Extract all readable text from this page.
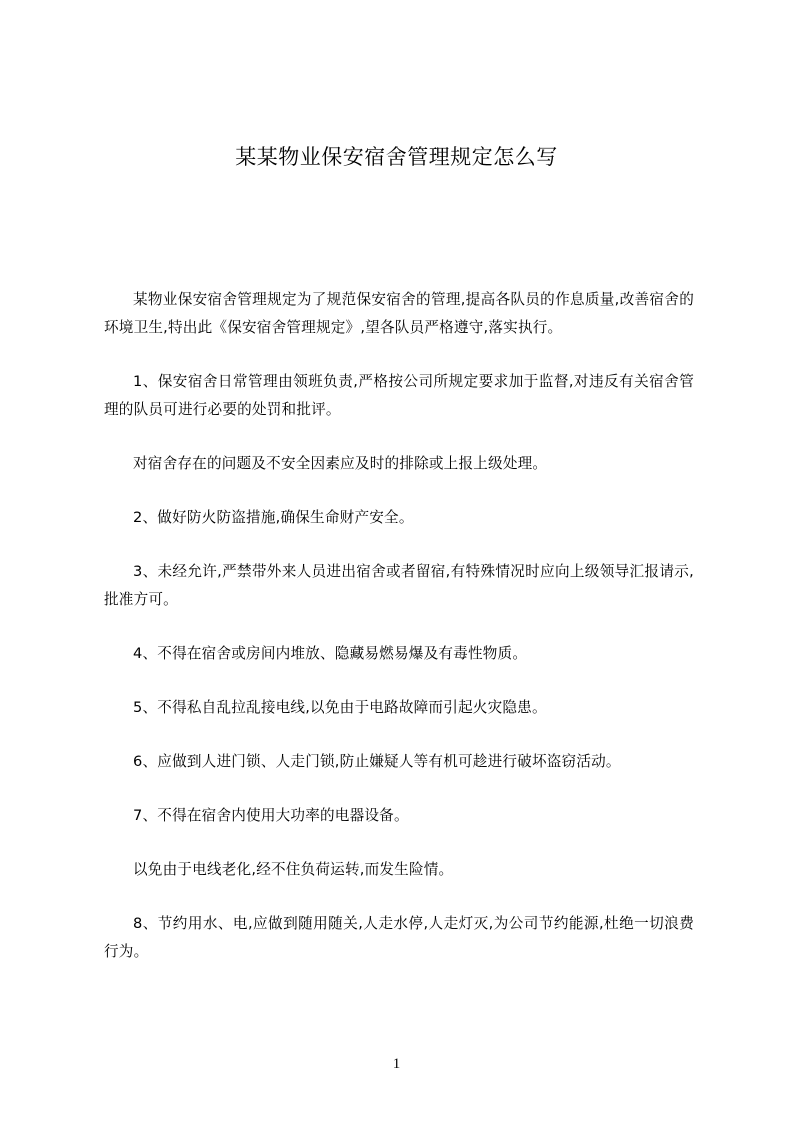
某某物业保安宿舍管理规定怎么写

某物业保安宿舍管理规定为了规范保安宿舍的管理,提高各队员的作息质量,改善宿舍的环境卫生,特出此《保安宿舍管理规定》,望各队员严格遵守,落实执行。

1、保安宿舍日常管理由领班负责,严格按公司所规定要求加于监督,对违反有关宿舍管理的队员可进行必要的处罚和批评。

对宿舍存在的问题及不安全因素应及时的排除或上报上级处理。

2、做好防火防盗措施,确保生命财产安全。

3、未经允许,严禁带外来人员进出宿舍或者留宿,有特殊情况时应向上级领导汇报请示,批准方可。

4、不得在宿舍或房间内堆放、隐藏易燃易爆及有毒性物质。

5、不得私自乱拉乱接电线,以免由于电路故障而引起火灾隐患。

6、应做到人进门锁、人走门锁,防止嫌疑人等有机可趁进行破坏盗窃活动。

7、不得在宿舍内使用大功率的电器设备。

以免由于电线老化,经不住负荷运转,而发生险情。

8、节约用水、电,应做到随用随关,人走水停,人走灯灭,为公司节约能源,杜绝一切浪费行为。

1
